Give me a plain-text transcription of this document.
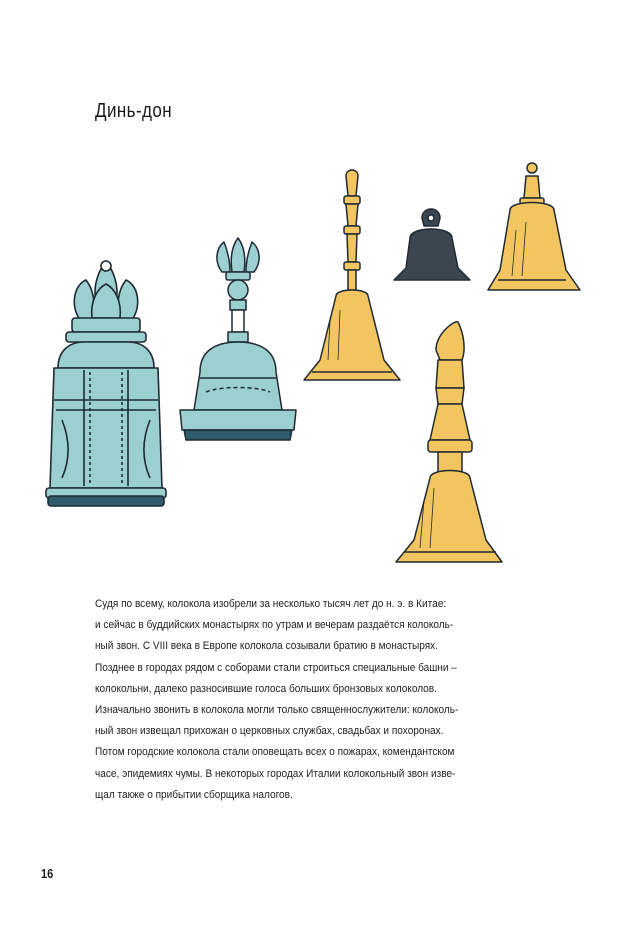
Динь-дон
Судя по всему, колокола изобрели за несколько тысяч лет до н. э. в Китае:
и сейчас в буддийских монастырях по утрам и вечерам раздаётся колоколь-
ный звон. С VIII века в Европе колокола созывали братию в монастырях.
Позднее в городах рядом с соборами стали строиться специальные башни –
колокольни, далеко разносившие голоса больших бронзовых колоколов.
Изначально звонить в колокола могли только священнослужители: колоколь-
ный звон извещал прихожан о церковных службах, свадьбах и похоронах.
Потом городские колокола стали оповещать всех о пожарах, комендантском
часе, эпидемиях чумы. В некоторых городах Италии колокольный звон изве-
щал также о прибытии сборщика налогов.
16
